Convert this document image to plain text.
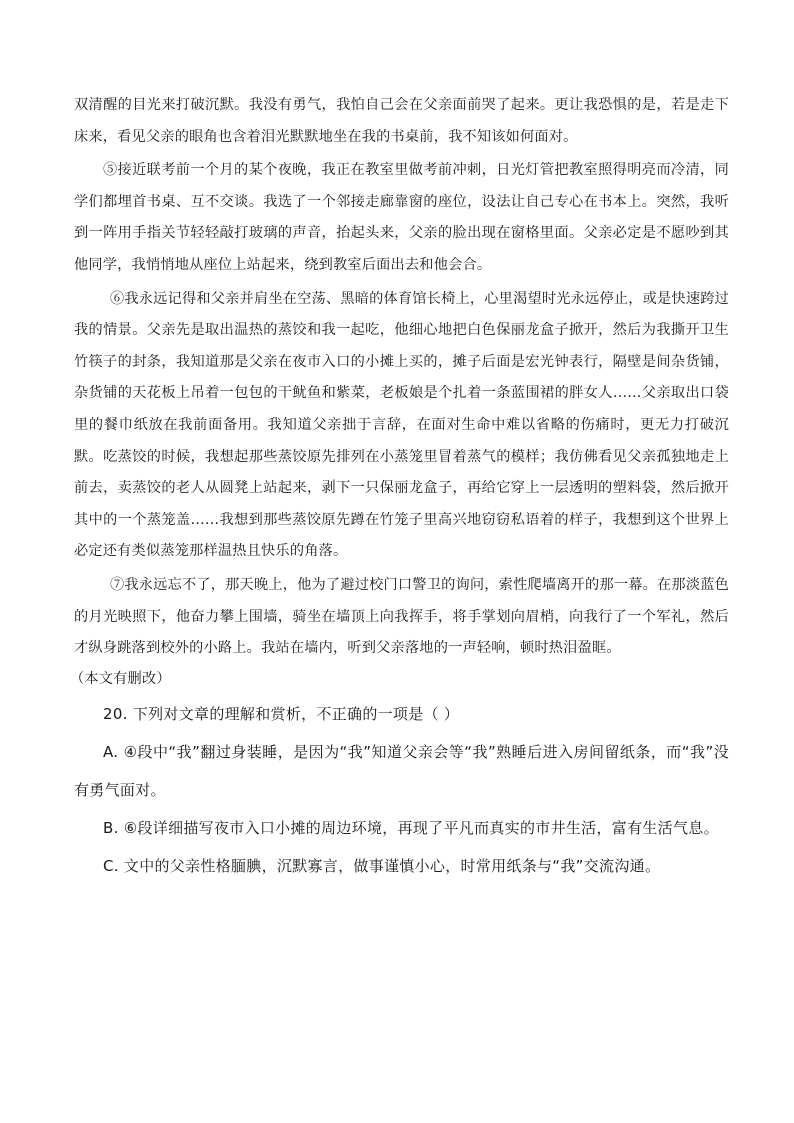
双清醒的目光来打破沉默。我没有勇气，我怕自己会在父亲面前哭了起来。更让我恐惧的是，若是走下床来，看见父亲的眼角也含着泪光默默地坐在我的书桌前，我不知该如何面对。

⑤接近联考前一个月的某个夜晚，我正在教室里做考前冲刺，日光灯管把教室照得明亮而冷清，同学们都埋首书桌、互不交谈。我选了一个邻接走廊靠窗的座位，设法让自己专心在书本上。突然，我听到一阵用手指关节轻轻敲打玻璃的声音，抬起头来，父亲的脸出现在窗格里面。父亲必定是不愿吵到其他同学，我悄悄地从座位上站起来，绕到教室后面出去和他会合。

⑥我永远记得和父亲并肩坐在空荡、黑暗的体育馆长椅上，心里渴望时光永远停止，或是快速跨过我的情景。父亲先是取出温热的蒸饺和我一起吃，他细心地把白色保丽龙盒子掀开，然后为我撕开卫生竹筷子的封条，我知道那是父亲在夜市入口的小摊上买的，摊子后面是宏光钟表行，隔壁是间杂货铺，杂货铺的天花板上吊着一包包的干鱿鱼和紫菜，老板娘是个扎着一条蓝围裙的胖女人……父亲取出口袋里的餐巾纸放在我前面备用。我知道父亲拙于言辞，在面对生命中难以省略的伤痛时，更无力打破沉默。吃蒸饺的时候，我想起那些蒸饺原先排列在小蒸笼里冒着蒸气的模样；我仿佛看见父亲孤独地走上前去，卖蒸饺的老人从圆凳上站起来，剥下一只保丽龙盒子，再给它穿上一层透明的塑料袋，然后掀开其中的一个蒸笼盖……我想到那些蒸饺原先蹲在竹笼子里高兴地窃窃私语着的样子，我想到这个世界上必定还有类似蒸笼那样温热且快乐的角落。

⑦我永远忘不了，那天晚上，他为了避过校门口警卫的询问，索性爬墙离开的那一幕。在那淡蓝色的月光映照下，他奋力攀上围墙，骑坐在墙顶上向我挥手，将手掌划向眉梢，向我行了一个军礼，然后才纵身跳落到校外的小路上。我站在墙内，听到父亲落地的一声轻响，顿时热泪盈眶。

（本文有删改）

20. 下列对文章的理解和赏析，不正确的一项是（ ）

A. ④段中“我”翻过身装睡，是因为“我”知道父亲会等“我”熟睡后进入房间留纸条，而“我”没有勇气面对。

B. ⑥段详细描写夜市入口小摊的周边环境，再现了平凡而真实的市井生活，富有生活气息。

C. 文中的父亲性格腼腆，沉默寡言，做事谨慎小心，时常用纸条与“我”交流沟通。
